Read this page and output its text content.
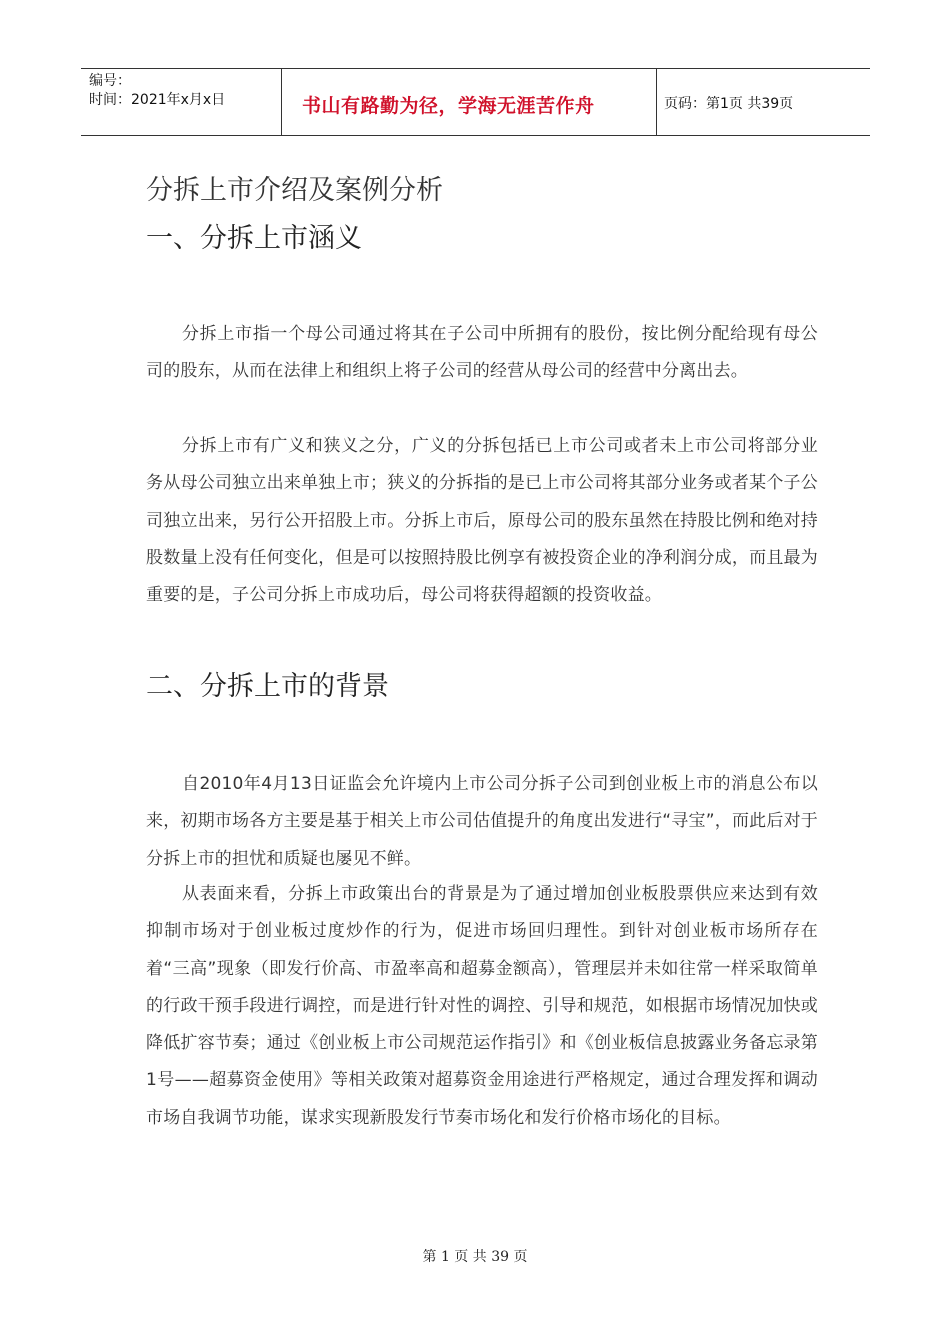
编号：
时间：2021年x月x日	书山有路勤为径，学海无涯苦作舟	页码：第1页 共39页
分拆上市介绍及案例分析
一、分拆上市涵义

分拆上市指一个母公司通过将其在子公司中所拥有的股份，按比例分配给现有母公司的股东，从而在法律上和组织上将子公司的经营从母公司的经营中分离出去。

分拆上市有广义和狭义之分，广义的分拆包括已上市公司或者未上市公司将部分业务从母公司独立出来单独上市；狭义的分拆指的是已上市公司将其部分业务或者某个子公司独立出来，另行公开招股上市。分拆上市后，原母公司的股东虽然在持股比例和绝对持股数量上没有任何变化，但是可以按照持股比例享有被投资企业的净利润分成，而且最为重要的是，子公司分拆上市成功后，母公司将获得超额的投资收益。

二、分拆上市的背景

自2010年4月13日证监会允许境内上市公司分拆子公司到创业板上市的消息公布以来，初期市场各方主要是基于相关上市公司估值提升的角度出发进行“寻宝”，而此后对于分拆上市的担忧和质疑也屡见不鲜。

从表面来看，分拆上市政策出台的背景是为了通过增加创业板股票供应来达到有效抑制市场对于创业板过度炒作的行为，促进市场回归理性。到针对创业板市场所存在着“三高”现象（即发行价高、市盈率高和超募金额高），管理层并未如往常一样采取简单的行政干预手段进行调控，而是进行针对性的调控、引导和规范，如根据市场情况加快或降低扩容节奏；通过《创业板上市公司规范运作指引》和《创业板信息披露业务备忘录第1号——超募资金使用》等相关政策对超募资金用途进行严格规定，通过合理发挥和调动市场自我调节功能，谋求实现新股发行节奏市场化和发行价格市场化的目标。

第 1 页 共 39 页
